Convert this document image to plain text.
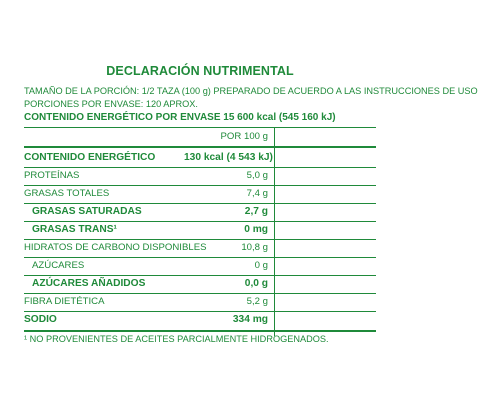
DECLARACIÓN NUTRIMENTAL
TAMAÑO DE LA PORCIÓN: 1/2 TAZA (100 g) PREPARADO DE ACUERDO A LAS INSTRUCCIONES DE USO
PORCIONES POR ENVASE: 120 APROX.
CONTENIDO ENERGÉTICO POR ENVASE 15 600 kcal (545 160 kJ)
POR 100 g
CONTENIDO ENERGÉTICO	130 kcal (4 543 kJ)
PROTEÍNAS	5,0 g
GRASAS TOTALES	7,4 g
GRASAS SATURADAS	2,7 g
GRASAS TRANS¹	0 mg
HIDRATOS DE CARBONO DISPONIBLES	10,8 g
AZÚCARES	0 g
AZÚCARES AÑADIDOS	0,0 g
FIBRA DIETÉTICA	5,2 g
SODIO	334 mg
¹ NO PROVENIENTES DE ACEITES PARCIALMENTE HIDROGENADOS.
